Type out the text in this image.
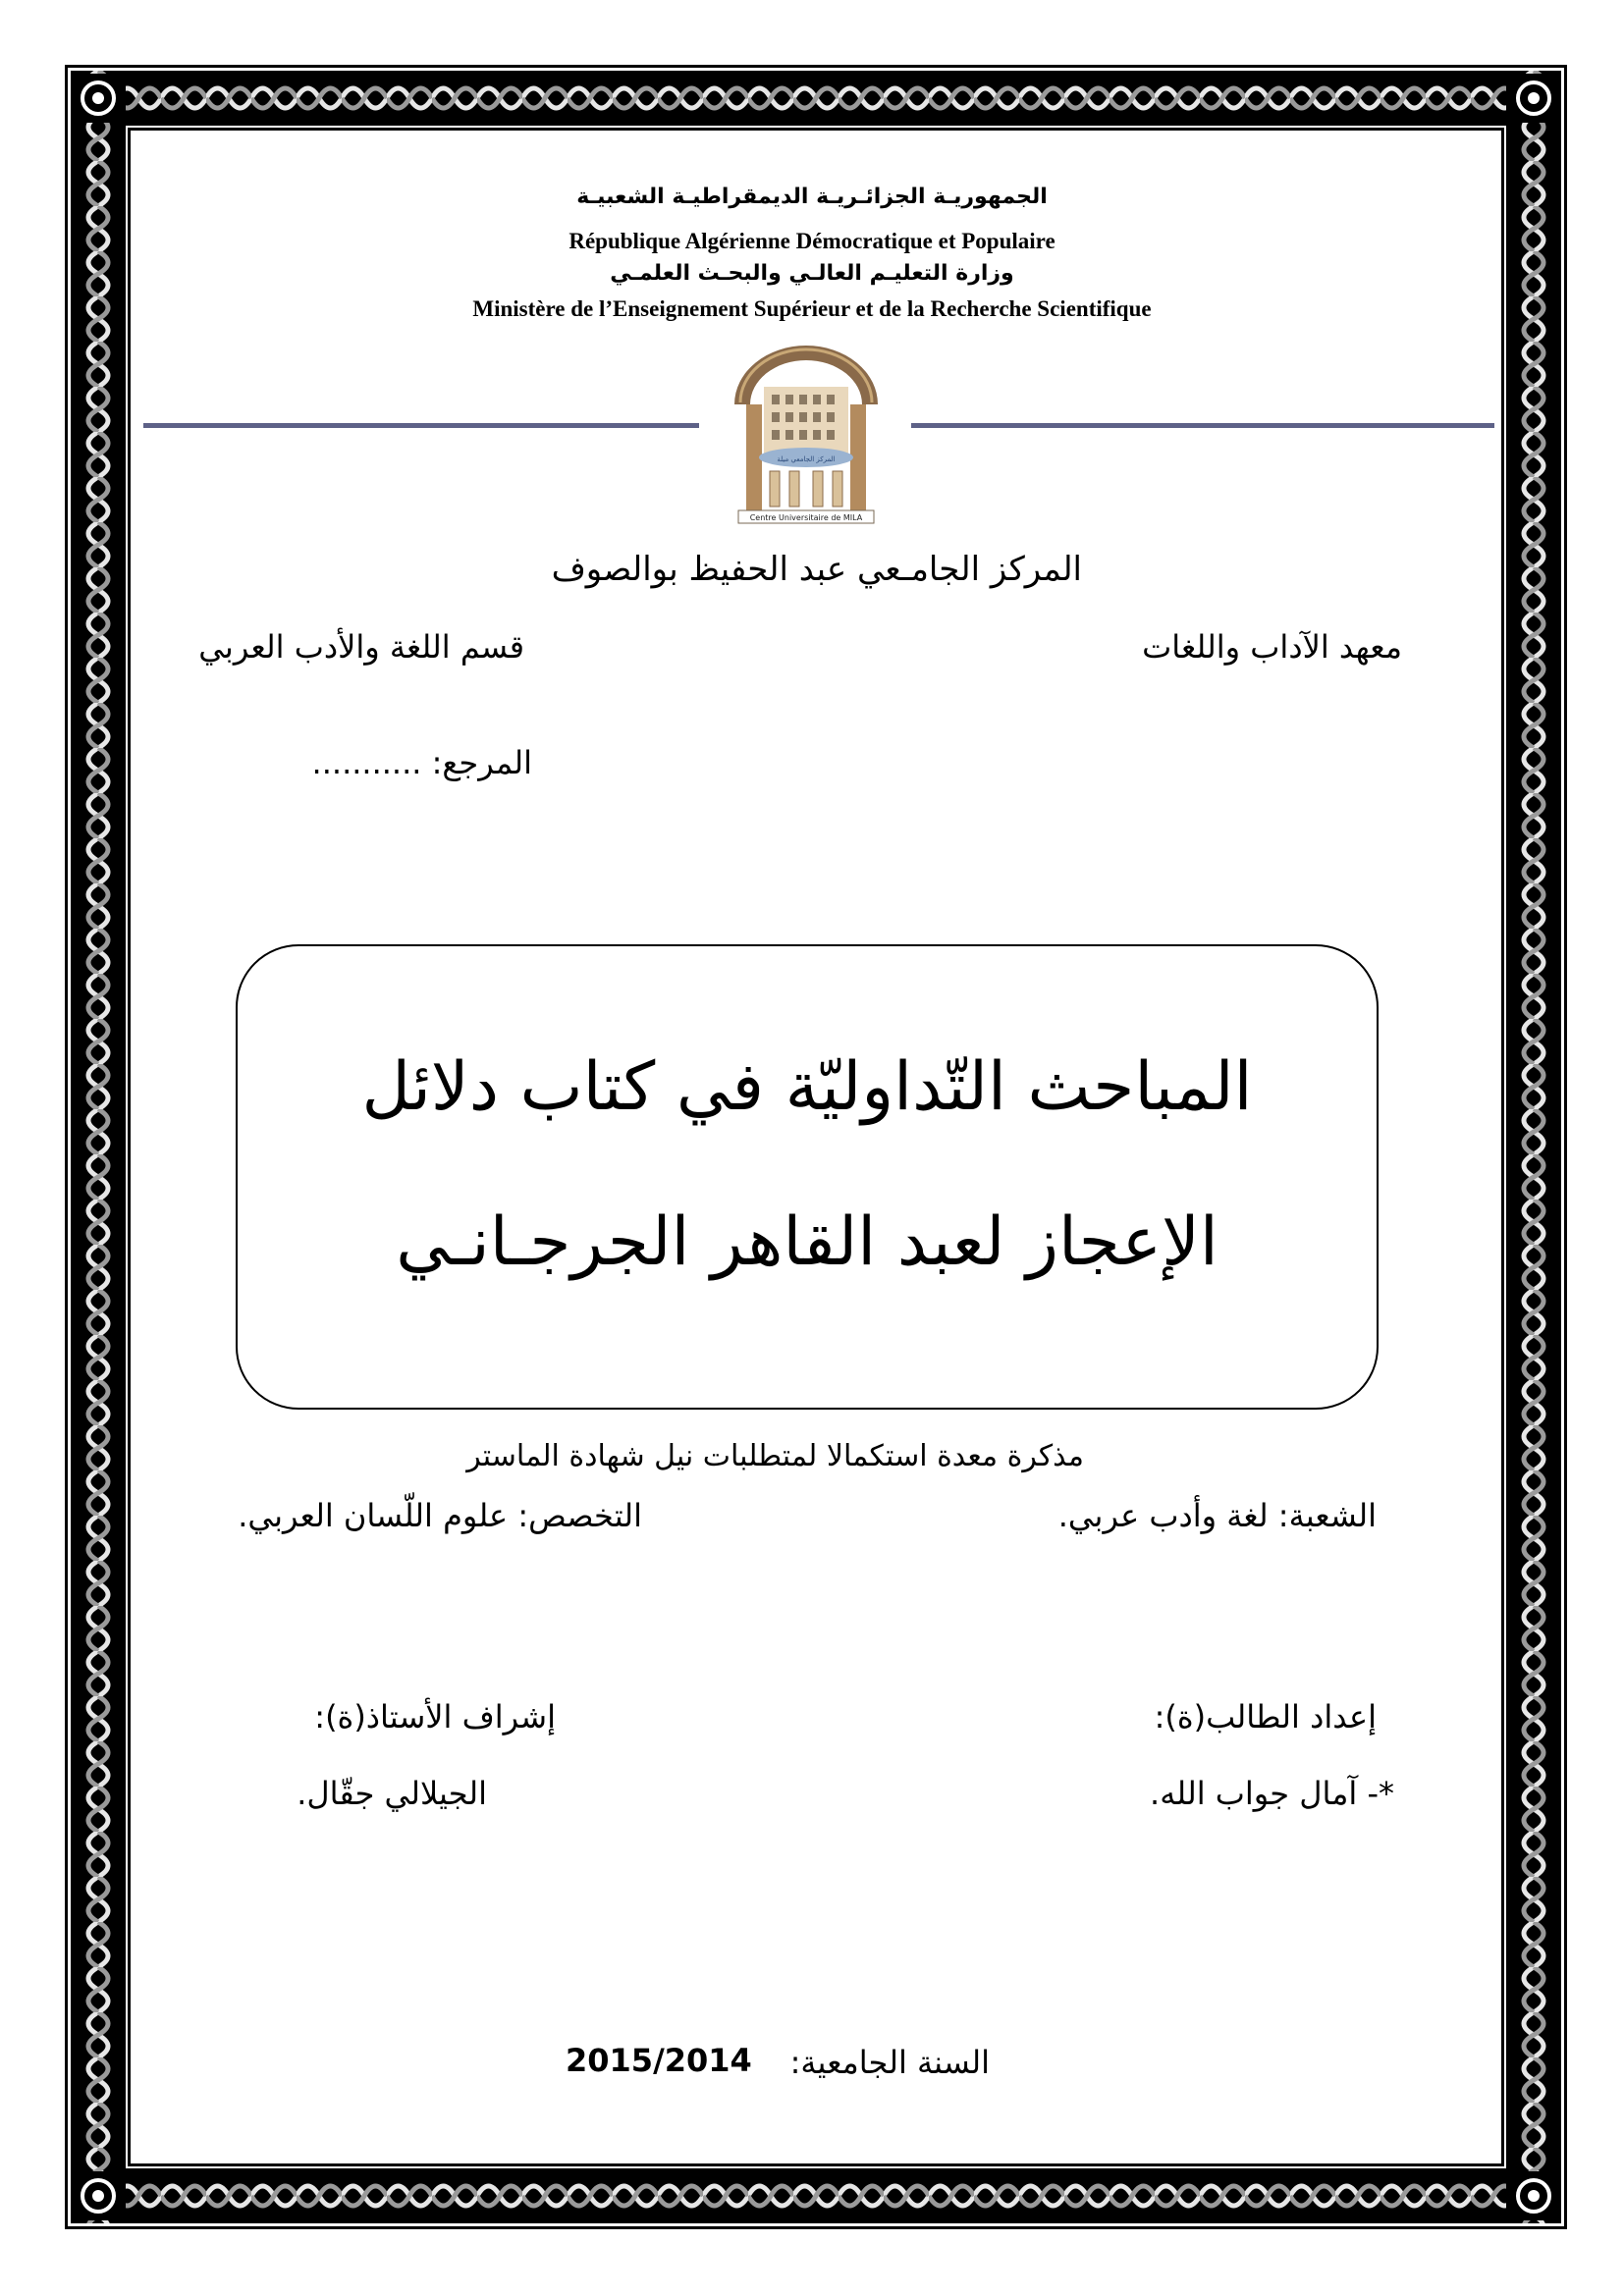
الجمهوريـة الجزائـريـة الديمقراطيـة الشعبيـة
République Algérienne Démocratique et Populaire
وزارة التعليـم العالـي والبحـث العلمـي
Ministère de l’Enseignement Supérieur et de la Recherche Scientifique
المركز الجامعي ميلة
Centre Universitaire de MILA
المركز الجامـعي عبد الحفيظ بوالصوف
معهد الآداب واللغات
قسم اللغة والأدب العربي
المرجع: ...........
المباحث التّداوليّة في كتاب دلائل
الإعجاز لعبد القاهر الجرجـانـي
مذكرة معدة استكمالا لمتطلبات نيل شهادة الماستر
الشعبة: لغة وأدب عربي.
التخصص: علوم اللّسان العربي.
إعداد الطالب(ة):
*- آمال جواب الله.
إشراف الأستاذ(ة):
الجيلالي جقّال.
السنة الجامعية:
2015/2014
